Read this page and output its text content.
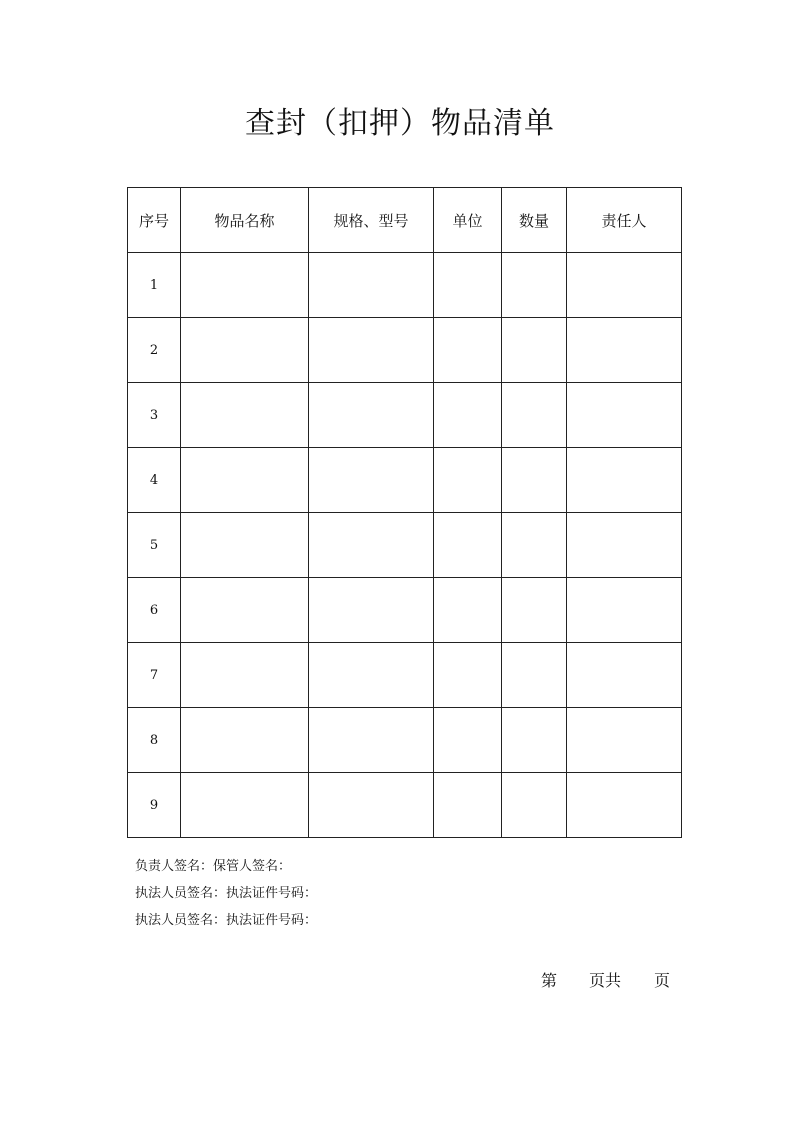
查封（扣押）物品清单
序号	物品名称	规格、型号	单位	数量	责任人
1					
2					
3					
4					
5					
6					
7					
8					
9					
负责人签名：保管人签名：
执法人员签名：执法证件号码：
执法人员签名：执法证件号码：
第 页共 页
